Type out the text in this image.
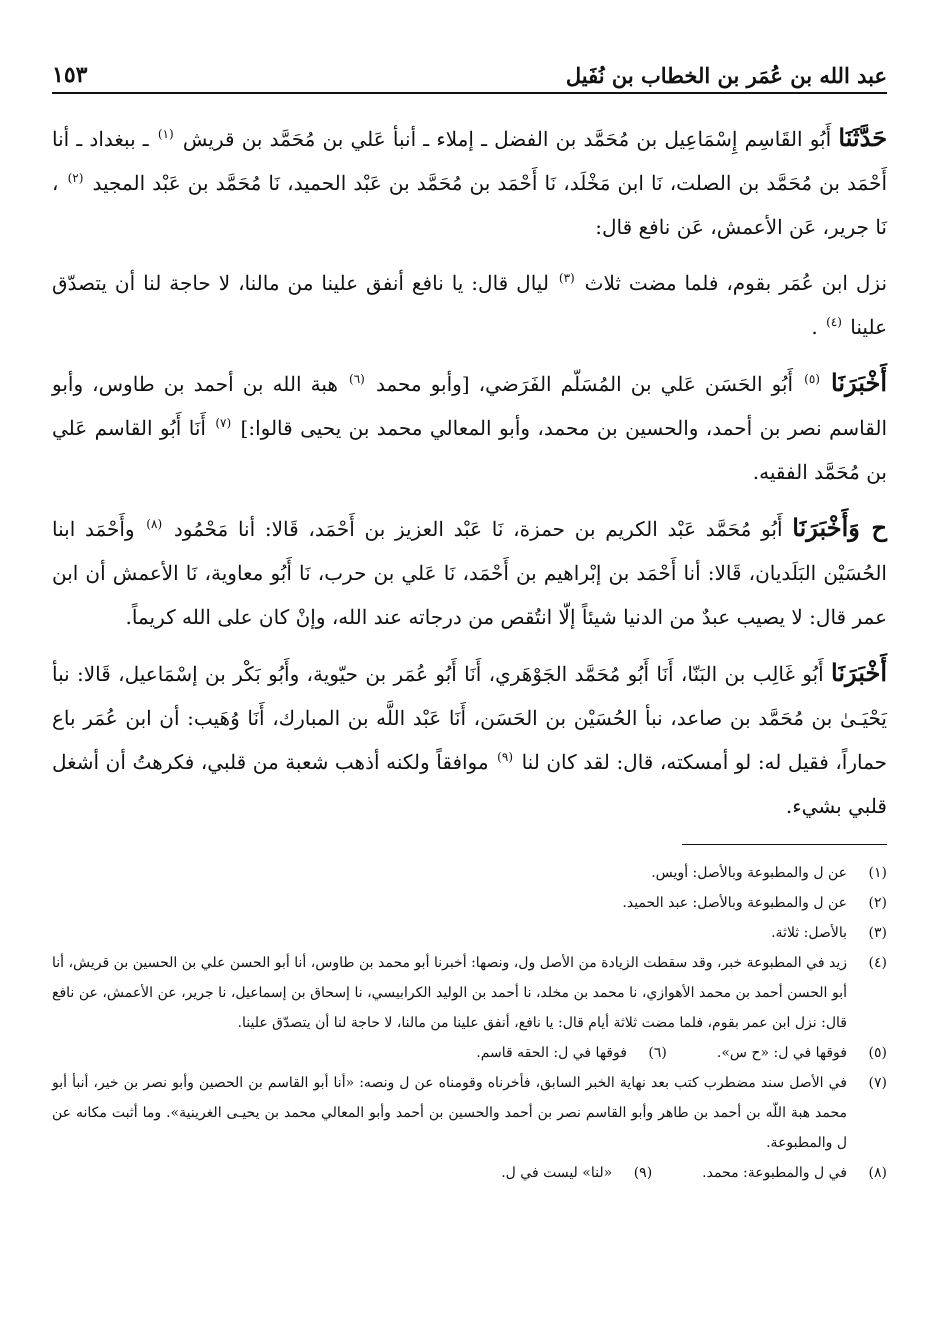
عبد الله بن عُمَر بن الخطاب بن نُفَيل
١٥٣

حَدَّثَنَا أَبُو القَاسِم إِسْمَاعِيل بن مُحَمَّد بن الفضل ـ إملاء ـ أنبأ عَلي بن مُحَمَّد بن قريش $^{(١)}$ ـ ببغداد ـ أنا أَحْمَد بن مُحَمَّد بن الصلت، نَا ابن مَخْلَد، نَا أَحْمَد بن مُحَمَّد بن عَبْد الحميد، نَا مُحَمَّد بن عَبْد المجيد $^{(٢)}$ ، نَا جرير، عَن الأعمش، عَن نافع قال:

نزل ابن عُمَر بقوم، فلما مضت ثلاث $^{(٣)}$ ليال قال: يا نافع أنفق علينا من مالنا، لا حاجة لنا أن يتصدّق علينا $^{(٤)}$ .

أَخْبَرَنَا $^{(٥)}$ أَبُو الحَسَن عَلي بن المُسَلّم الفَرَضي، [وأبو محمد $^{(٦)}$ هبة الله بن أحمد بن طاوس، وأبو القاسم نصر بن أحمد، والحسين بن محمد، وأبو المعالي محمد بن يحيى قالوا:] $^{(٧)}$ أَنَا أَبُو القاسم عَلي بن مُحَمَّد الفقيه.

ح وَأَخْبَرَنَا أَبُو مُحَمَّد عَبْد الكريم بن حمزة، نَا عَبْد العزيز بن أَحْمَد، قَالا: أنا مَحْمُود $^{(٨)}$ وأَحْمَد ابنا الحُسَيْن البَلَديان، قَالا: أنا أَحْمَد بن إبْراهيم بن أَحْمَد، نَا عَلي بن حرب، نَا أَبُو معاوية، نَا الأعمش أن ابن عمر قال: لا يصيب عبدٌ من الدنيا شيئاً إلّا انتُقص من درجاته عند الله، وإنْ كان على الله كريماً.

أَخْبَرَنَا أَبُو غَالِب بن البَنّا، أَنَا أَبُو مُحَمَّد الجَوْهَري، أَنَا أَبُو عُمَر بن حيّوية، وأَبُو بَكْر بن إسْمَاعيل، قَالا: نبأ يَحْيَـىٰ بن مُحَمَّد بن صاعد، نبأ الحُسَيْن بن الحَسَن، أَنَا عَبْد اللَّه بن المبارك، أَنَا وُهَيب: أن ابن عُمَر باع حماراً، فقيل له: لو أمسكته، قال: لقد كان لنا $^{(٩)}$ موافقاً ولكنه أذهب شعبة من قلبي، فكرهتُ أن أشغل قلبي بشيء.

(١)
عن ل والمطبوعة وبالأصل: أويس.
(٢)
عن ل والمطبوعة وبالأصل: عبد الحميد.
(٣)
بالأصل: ثلاثة.
(٤)
زيد في المطبوعة خبر، وقد سقطت الزيادة من الأصل ول، ونصها: أخبرنا أبو محمد بن طاوس، أنا أبو الحسن علي بن الحسين بن قريش، أنا أبو الحسن أحمد بن محمد الأهوازي، نا محمد بن مخلد، نا أحمد بن الوليد الكرابيسي، نا إسحاق بن إسماعيل، نا جرير، عن الأعمش، عن نافع قال: نزل ابن عمر بقوم، فلما مضت ثلاثة أيام قال: يا نافع، أنفق علينا من مالنا، لا حاجة لنا أن يتصدّق علينا.
(٥)
فوقها في ل: «ح س».
(٦)
فوقها في ل: الحقه قاسم.
(٧)
في الأصل سند مضطرب كتب بعد نهاية الخبر السابق، فأخرناه وقومناه عن ل ونصه: «أنا أبو القاسم بن الحصين وأبو نصر بن خير، أنبأ أبو محمد هبة اللّه بن أحمد بن طاهر وأبو القاسم نصر بن أحمد والحسين بن أحمد وأبو المعالي محمد بن يحيـى الغرينية». وما أثبت مكانه عن ل والمطبوعة.
(٨)
في ل والمطبوعة: محمد.
(٩)
«لنا» ليست في ل.
